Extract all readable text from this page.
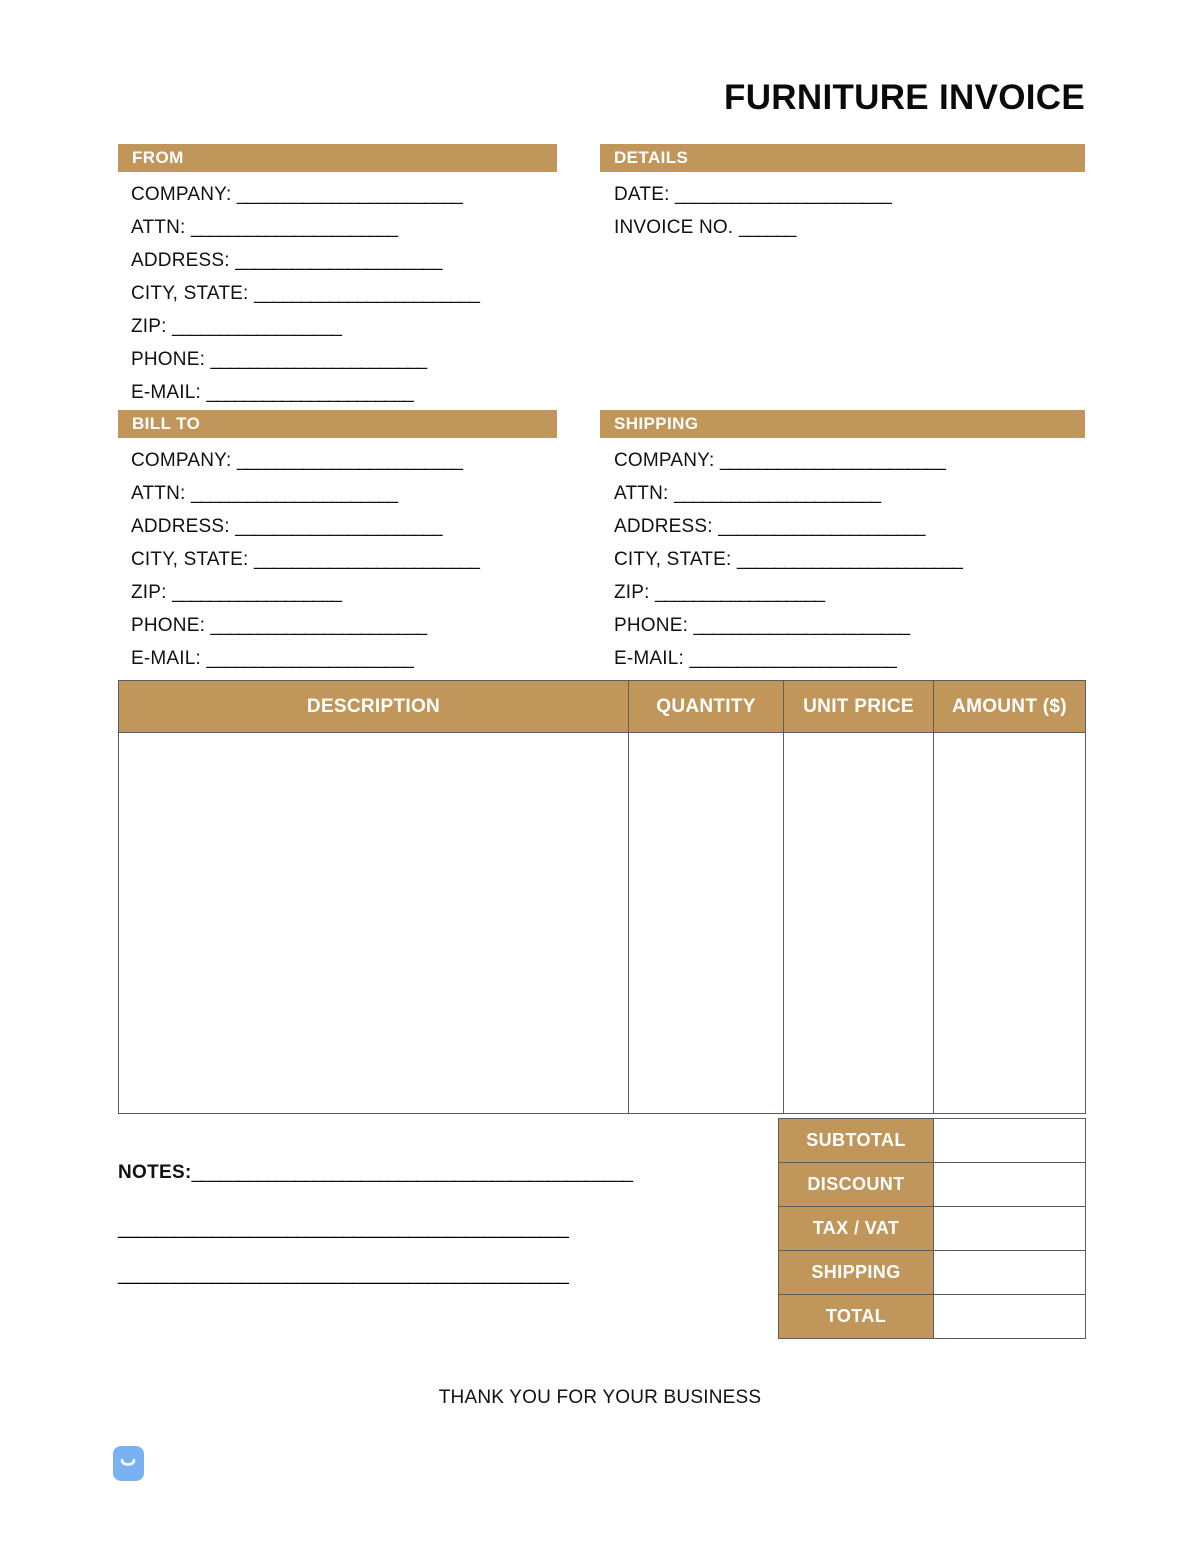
FURNITURE INVOICE
FROM
COMPANY: ________________________
ATTN: ______________________
ADDRESS: ______________________
CITY, STATE: ________________________
ZIP: __________________
PHONE: _______________________
E-MAIL: ______________________
DETAILS
DATE: _______________________
INVOICE NO. ______
BILL TO
COMPANY: ________________________
ATTN: ______________________
ADDRESS: ______________________
CITY, STATE: ________________________
ZIP: __________________
PHONE: _______________________
E-MAIL: ______________________
SHIPPING
COMPANY: ________________________
ATTN: ______________________
ADDRESS: ______________________
CITY, STATE: ________________________
ZIP: __________________
PHONE: _______________________
E-MAIL: ______________________
DESCRIPTION	QUANTITY	UNIT PRICE	AMOUNT ($)

SUBTOTAL	
DISCOUNT	
TAX / VAT	
SHIPPING	
TOTAL	
NOTES:_______________________________________________
________________________________________________
________________________________________________
THANK YOU FOR YOUR BUSINESS
